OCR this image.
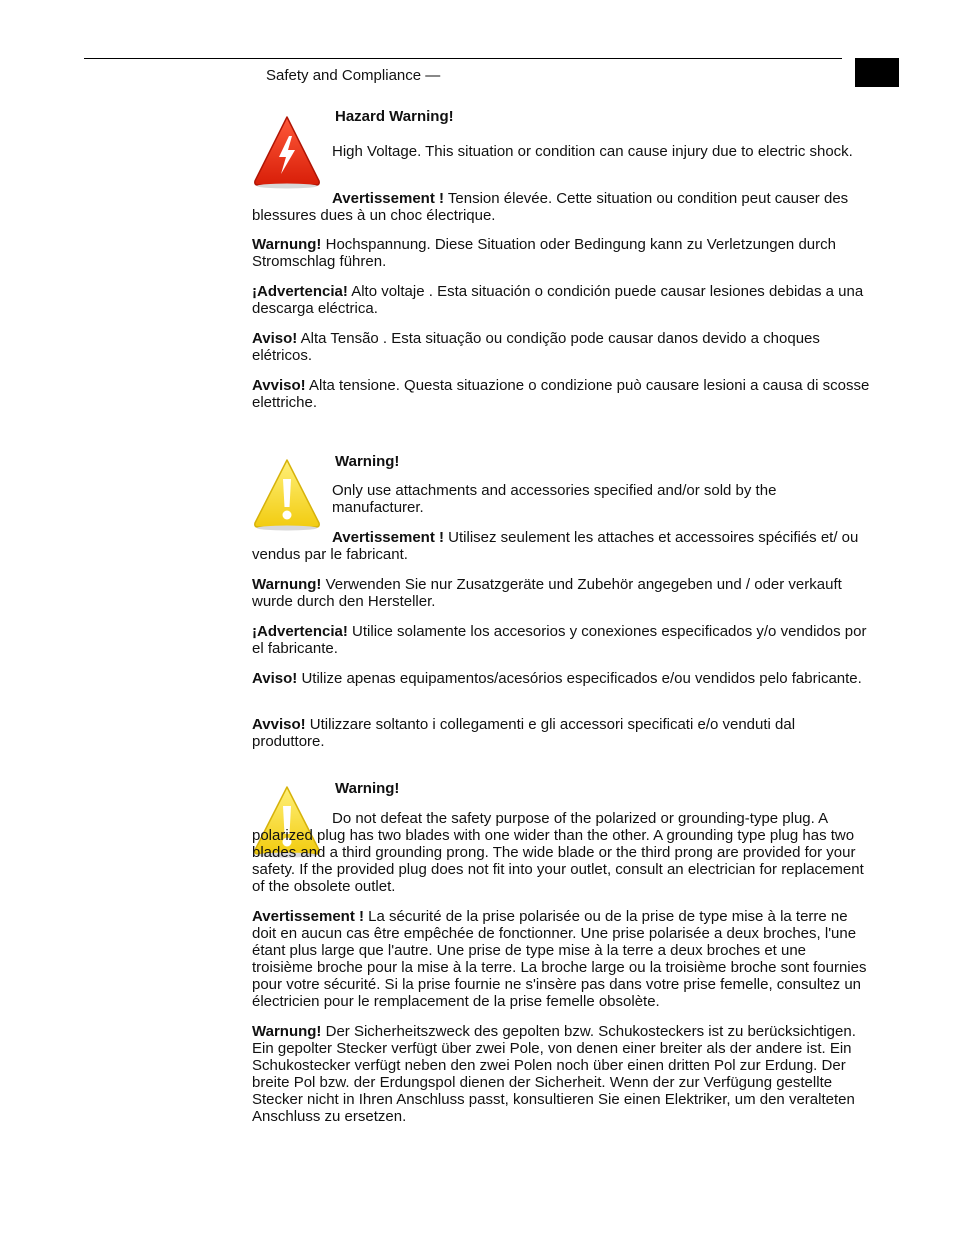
Safety and Compliance —
Hazard Warning!
High Voltage. This situation or condition can cause injury due to electric shock.
Avertissement ! Tension élevée. Cette situation ou condition peut causer des blessures dues à un choc électrique.
Warnung! Hochspannung. Diese Situation oder Bedingung kann zu Verletzungen durch Stromschlag führen.
¡Advertencia! Alto voltaje . Esta situación o condición puede causar lesiones debidas a una descarga eléctrica.
Aviso! Alta Tensão . Esta situação ou condição pode causar danos devido a choques elétricos.
Avviso! Alta tensione. Questa situazione o condizione può causare lesioni a causa di scosse elettriche.
Warning!
Only use attachments and accessories specified and/or sold by the manufacturer.
Avertissement ! Utilisez seulement les attaches et accessoires spécifiés et/ ou vendus par le fabricant.
Warnung! Verwenden Sie nur Zusatzgeräte und Zubehör angegeben und / oder verkauft wurde durch den Hersteller.
¡Advertencia! Utilice solamente los accesorios y conexiones especificados y/o vendidos por el fabricante.
Aviso! Utilize apenas equipamentos/acesórios especificados e/ou vendidos pelo fabricante.
Avviso! Utilizzare soltanto i collegamenti e gli accessori specificati e/o venduti dal produttore.
Warning!
Do not defeat the safety purpose of the polarized or grounding-type plug. A polarized plug has two blades with one wider than the other. A grounding type plug has two blades and a third grounding prong. The wide blade or the third prong are provided for your safety. If the provided plug does not fit into your outlet, consult an electrician for replacement of the obsolete outlet.
Avertissement ! La sécurité de la prise polarisée ou de la prise de type mise à la terre ne doit en aucun cas être empêchée de fonctionner. Une prise polarisée a deux broches, l'une étant plus large que l'autre. Une prise de type mise à la terre a deux broches et une troisième broche pour la mise à la terre. La broche large ou la troisième broche sont fournies pour votre sécurité. Si la prise fournie ne s'insère pas dans votre prise femelle, consultez un électricien pour le remplacement de la prise femelle obsolète.
Warnung! Der Sicherheitszweck des gepolten bzw. Schukosteckers ist zu berücksichtigen. Ein gepolter Stecker verfügt über zwei Pole, von denen einer breiter als der andere ist. Ein Schukostecker verfügt neben den zwei Polen noch über einen dritten Pol zur Erdung. Der breite Pol bzw. der Erdungspol dienen der Sicherheit. Wenn der zur Verfügung gestellte Stecker nicht in Ihren Anschluss passt, konsultieren Sie einen Elektriker, um den veralteten Anschluss zu ersetzen.
